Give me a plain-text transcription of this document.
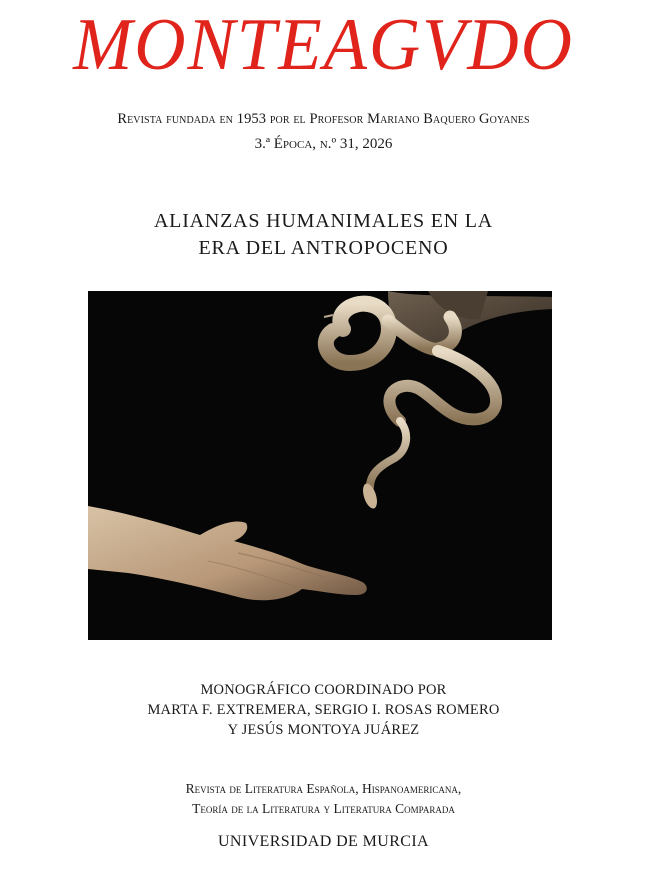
MONTEAGVDO
Revista fundada en 1953 por el Profesor Mariano Baquero Goyanes
3.ª Época, n.º 31, 2026
ALIANZAS HUMANIMALES EN LA
ERA DEL ANTROPOCENO
MONOGRÁFICO COORDINADO POR
MARTA F. EXTREMERA, SERGIO I. ROSAS ROMERO
Y JESÚS MONTOYA JUÁREZ
Revista de Literatura Española, Hispanoamericana,
Teoría de la Literatura y Literatura Comparada
UNIVERSIDAD DE MURCIA
